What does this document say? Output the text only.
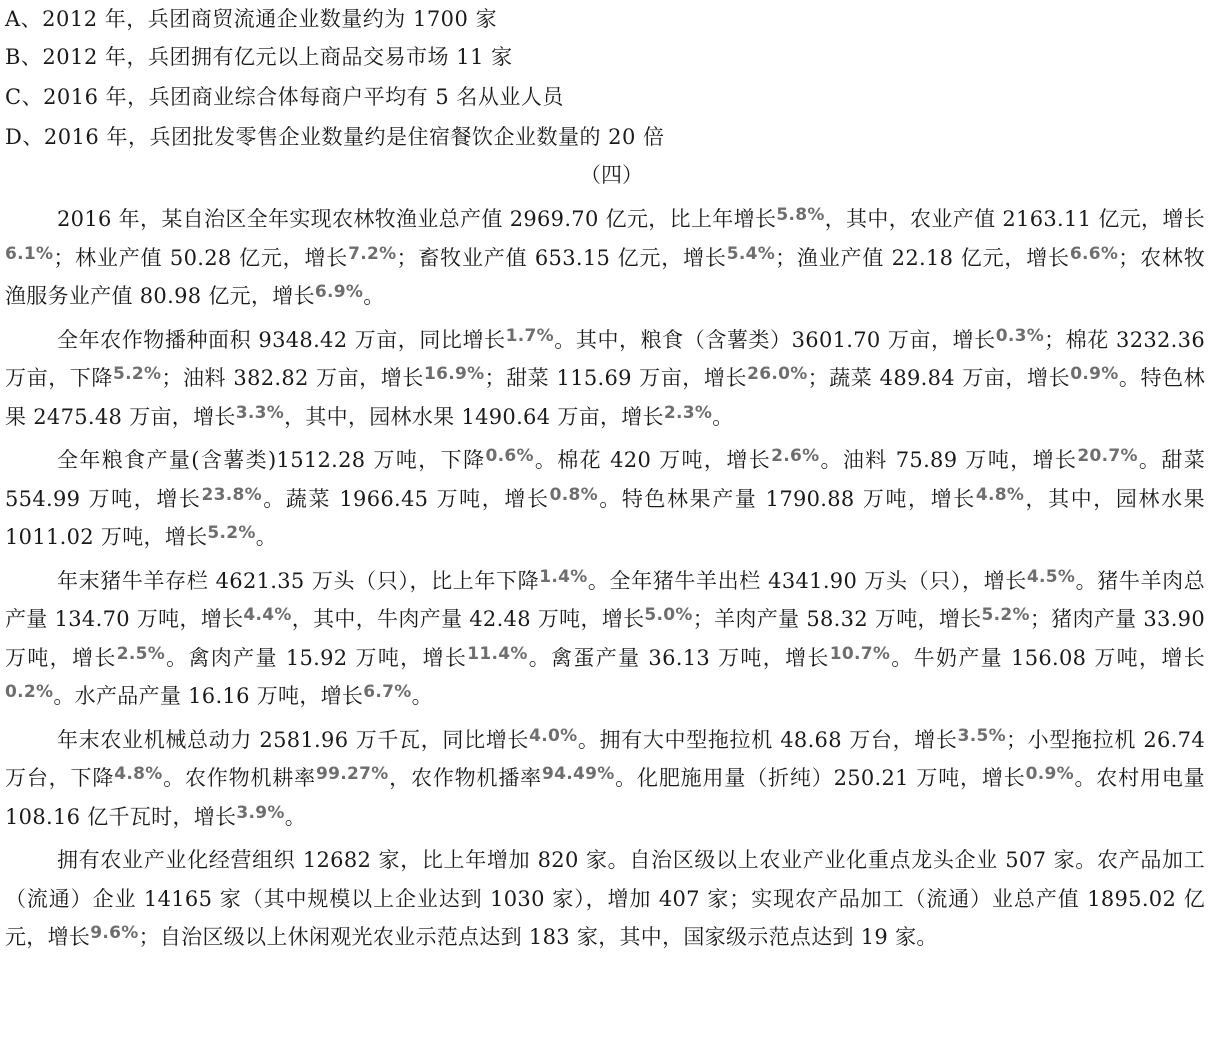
A、2012 年，兵团商贸流通企业数量约为 1700 家
B、2012 年，兵团拥有亿元以上商品交易市场 11 家
C、2016 年，兵团商业综合体每商户平均有 5 名从业人员
D、2016 年，兵团批发零售企业数量约是住宿餐饮企业数量的 20 倍
（四）

2016 年，某自治区全年实现农林牧渔业总产值 2969.70 亿元，比上年增长$^{5.8\%}$，其中，农业产值 2163.11 亿元，增长$^{6.1\%}$；林业产值 50.28 亿元，增长$^{7.2\%}$；畜牧业产值 653.15 亿元，增长$^{5.4\%}$；渔业产值 22.18 亿元，增长$^{6.6\%}$；农林牧渔服务业产值 80.98 亿元，增长$^{6.9\%}$。

全年农作物播种面积 9348.42 万亩，同比增长$^{1.7\%}$。其中，粮食（含薯类）3601.70 万亩，增长$^{0.3\%}$；棉花 3232.36 万亩，下降$^{5.2\%}$；油料 382.82 万亩，增长$^{16.9\%}$；甜菜 115.69 万亩，增长$^{26.0\%}$；蔬菜 489.84 万亩，增长$^{0.9\%}$。特色林果 2475.48 万亩，增长$^{3.3\%}$，其中，园林水果 1490.64 万亩，增长$^{2.3\%}$。

全年粮食产量(含薯类)1512.28 万吨，下降$^{0.6\%}$。棉花 420 万吨，增长$^{2.6\%}$。油料 75.89 万吨，增长$^{20.7\%}$。甜菜 554.99 万吨，增长$^{23.8\%}$。蔬菜 1966.45 万吨，增长$^{0.8\%}$。特色林果产量 1790.88 万吨，增长$^{4.8\%}$，其中，园林水果 1011.02 万吨，增长$^{5.2\%}$。

年末猪牛羊存栏 4621.35 万头（只），比上年下降$^{1.4\%}$。全年猪牛羊出栏 4341.90 万头（只），增长$^{4.5\%}$。猪牛羊肉总产量 134.70 万吨，增长$^{4.4\%}$，其中，牛肉产量 42.48 万吨，增长$^{5.0\%}$；羊肉产量 58.32 万吨，增长$^{5.2\%}$；猪肉产量 33.90 万吨，增长$^{2.5\%}$。禽肉产量 15.92 万吨，增长$^{11.4\%}$。禽蛋产量 36.13 万吨，增长$^{10.7\%}$。牛奶产量 156.08 万吨，增长$^{0.2\%}$。水产品产量 16.16 万吨，增长$^{6.7\%}$。

年末农业机械总动力 2581.96 万千瓦，同比增长$^{4.0\%}$。拥有大中型拖拉机 48.68 万台，增长$^{3.5\%}$；小型拖拉机 26.74 万台，下降$^{4.8\%}$。农作物机耕率$^{99.27\%}$，农作物机播率$^{94.49\%}$。化肥施用量（折纯）250.21 万吨，增长$^{0.9\%}$。农村用电量 108.16 亿千瓦时，增长$^{3.9\%}$。

拥有农业产业化经营组织 12682 家，比上年增加 820 家。自治区级以上农业产业化重点龙头企业 507 家。农产品加工（流通）企业 14165 家（其中规模以上企业达到 1030 家），增加 407 家；实现农产品加工（流通）业总产值 1895.02 亿元，增长$^{9.6\%}$；自治区级以上休闲观光农业示范点达到 183 家，其中，国家级示范点达到 19 家。
